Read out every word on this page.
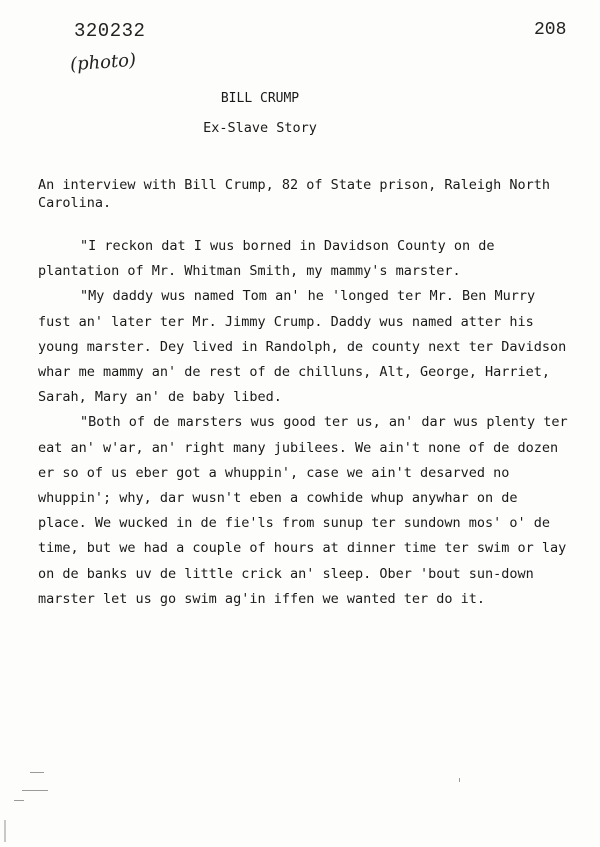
320232
(photo)
208
BILL CRUMP
Ex-Slave Story
An interview with Bill Crump, 82 of State prison, Raleigh North Carolina.

"I reckon dat I wus borned in Davidson County on de plantation of Mr. Whitman Smith, my mammy's marster.

"My daddy wus named Tom an' he 'longed ter Mr. Ben Murry fust an' later ter Mr. Jimmy Crump. Daddy wus named atter his young marster. Dey lived in Randolph, de county next ter Davidson whar me mammy an' de rest of de chilluns, Alt, George, Harriet, Sarah, Mary an' de baby libed.

"Both of de marsters wus good ter us, an' dar wus plenty ter eat an' w'ar, an' right many jubilees. We ain't none of de dozen er so of us eber got a whuppin', case we ain't desarved no whuppin'; why, dar wusn't eben a cowhide whup anywhar on de place. We wucked in de fie'ls from sunup ter sundown mos' o' de time, but we had a couple of hours at dinner time ter swim or lay on de banks uv de little crick an' sleep. Ober 'bout sun-down marster let us go swim ag'in iffen we wanted ter do it.
